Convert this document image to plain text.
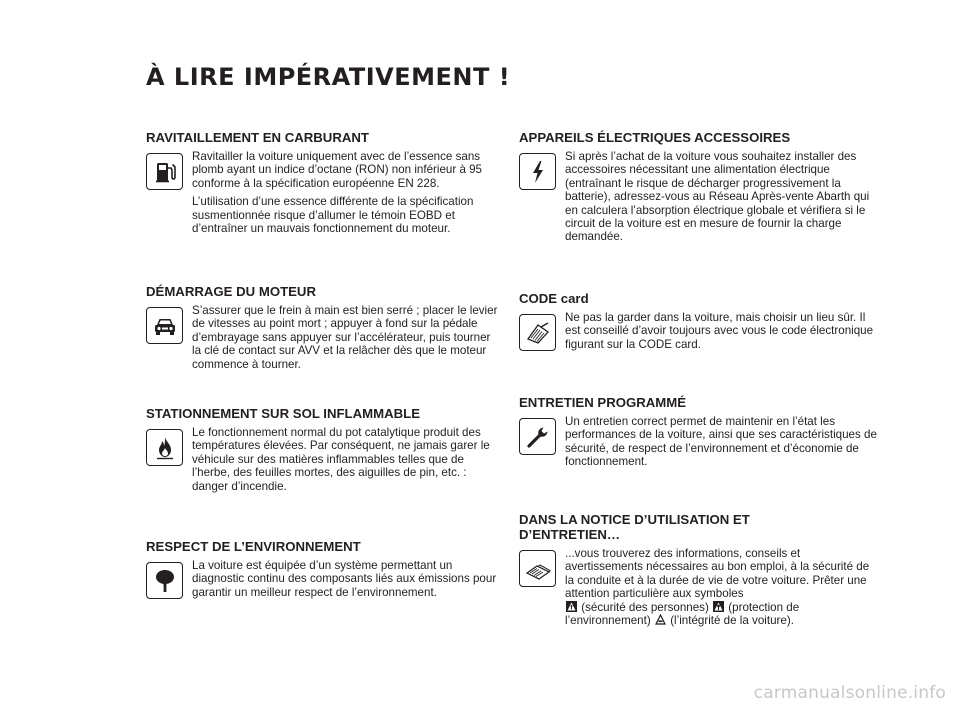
À LIRE IMPÉRATIVEMENT !
RAVITAILLEMENT EN CARBURANT

Ravitailler la voiture uniquement avec de l’essence sans plomb ayant un indice d’octane (RON) non inférieur à 95 conforme à la spécification européenne EN 228.

L’utilisation d’une essence différente de la spécification susmentionnée risque d’allumer le témoin EOBD et d’entraîner un mauvais fonctionnement du moteur.

DÉMARRAGE DU MOTEUR

S’assurer que le frein à main est bien serré ; placer le levier de vitesses au point mort ; appuyer à fond sur la pédale d’embrayage sans appuyer sur l’accélérateur, puis tourner la clé de contact sur AVV et la relâcher dès que le moteur commence à tourner.

STATIONNEMENT SUR SOL INFLAMMABLE

Le fonctionnement normal du pot catalytique produit des températures élevées. Par conséquent, ne jamais garer le véhicule sur des matières inflammables telles que de l’herbe, des feuilles mortes, des aiguilles de pin, etc. : danger d’incendie.

RESPECT DE L’ENVIRONNEMENT

La voiture est équipée d’un système permettant un diagnostic continu des composants liés aux émissions pour garantir un meilleur respect de l’environnement.

APPAREILS ÉLECTRIQUES ACCESSOIRES

Si après l’achat de la voiture vous souhaitez installer des accessoires nécessitant une alimentation électrique (entraînant le risque de décharger progressivement la batterie), adressez-vous au Réseau Après-vente Abarth qui en calculera l’absorption électrique globale et vérifiera si le circuit de la voiture est en mesure de fournir la charge demandée.

CODE card

Ne pas la garder dans la voiture, mais choisir un lieu sûr. Il est conseillé d’avoir toujours avec vous le code électronique figurant sur la CODE card.

ENTRETIEN PROGRAMMÉ

Un entretien correct permet de maintenir en l’état les performances de la voiture, ainsi que ses caractéristiques de sécurité, de respect de l’environnement et d’économie de fonctionnement.

DANS LA NOTICE D’UTILISATION ET D’ENTRETIEN…

...vous trouverez des informations, conseils et avertissements nécessaires au bon emploi, à la sécurité de la conduite et à la durée de vie de votre voiture. Prêter une attention particulière aux symboles

(sécurité des personnes) (protection de l’environnement) (l’intégrité de la voiture).

carmanualsonline.info
